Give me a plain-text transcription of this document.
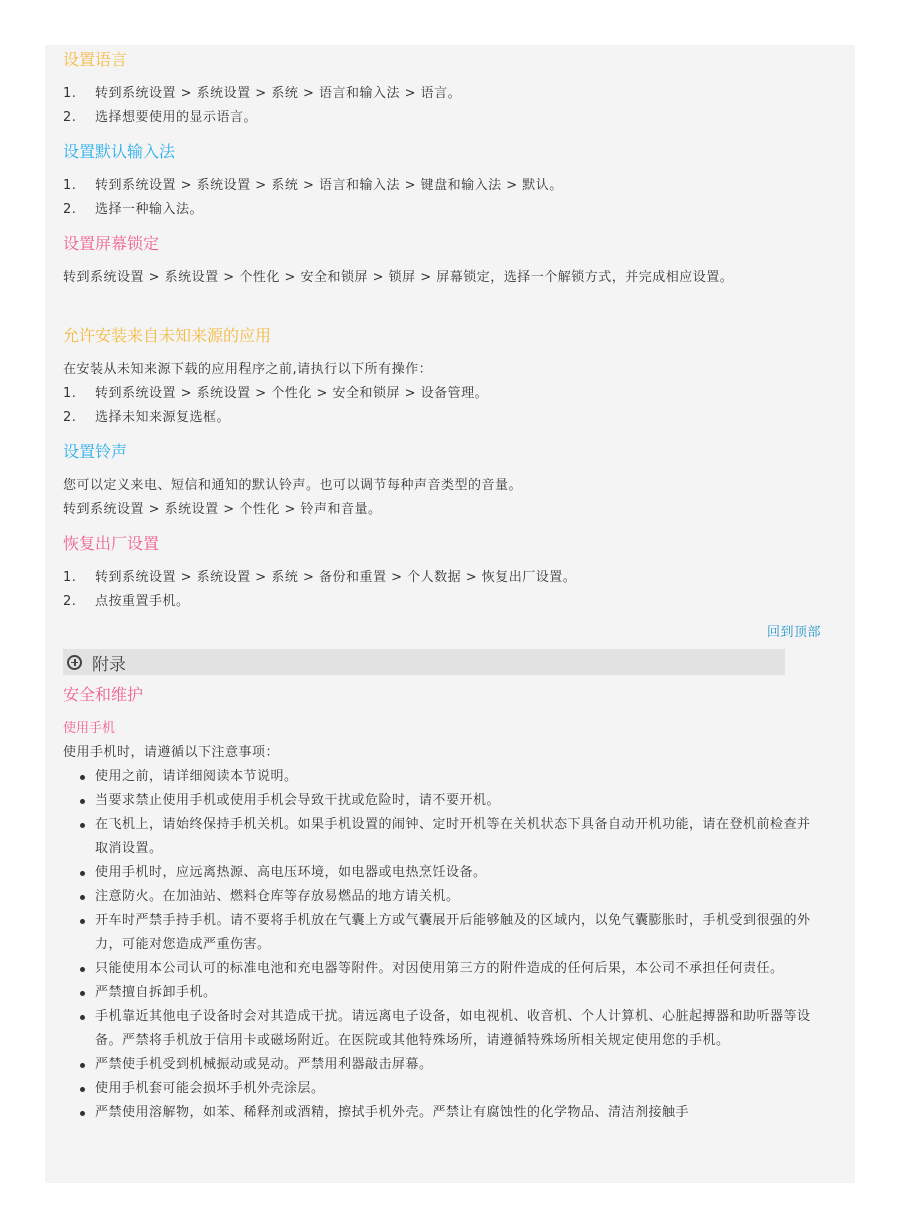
设置语言
1.	转到系统设置 > 系统设置 > 系统 > 语言和输入法 > 语言。
2.	选择想要使用的显示语言。
设置默认输入法
1.	转到系统设置 > 系统设置 > 系统 > 语言和输入法 > 键盘和输入法 > 默认。
2.	选择一种输入法。
设置屏幕锁定
转到系统设置 > 系统设置 > 个性化 > 安全和锁屏 > 锁屏 > 屏幕锁定，选择一个解锁方式，并完成相应设置。
允许安装来自未知来源的应用
在安装从未知来源下载的应用程序之前,请执行以下所有操作：
1.	转到系统设置 > 系统设置 > 个性化 > 安全和锁屏 > 设备管理。
2.	选择未知来源复选框。
设置铃声
您可以定义来电、短信和通知的默认铃声。也可以调节每种声音类型的音量。
转到系统设置 > 系统设置 > 个性化 > 铃声和音量。
恢复出厂设置
1.	转到系统设置 > 系统设置 > 系统 > 备份和重置 > 个人数据 > 恢复出厂设置。
2.	点按重置手机。
回到顶部
附录
安全和维护
使用手机
使用手机时，请遵循以下注意事项：
使用之前，请详细阅读本节说明。
当要求禁止使用手机或使用手机会导致干扰或危险时，请不要开机。
在飞机上，请始终保持手机关机。如果手机设置的闹钟、定时开机等在关机状态下具备自动开机功能，请在登机前检查并取消设置。
使用手机时，应远离热源、高电压环境，如电器或电热烹饪设备。
注意防火。在加油站、燃料仓库等存放易燃品的地方请关机。
开车时严禁手持手机。请不要将手机放在气囊上方或气囊展开后能够触及的区域内，以免气囊膨胀时，手机受到很强的外力，可能对您造成严重伤害。
只能使用本公司认可的标准电池和充电器等附件。对因使用第三方的附件造成的任何后果，本公司不承担任何责任。
严禁擅自拆卸手机。
手机靠近其他电子设备时会对其造成干扰。请远离电子设备，如电视机、收音机、个人计算机、心脏起搏器和助听器等设备。严禁将手机放于信用卡或磁场附近。在医院或其他特殊场所，请遵循特殊场所相关规定使用您的手机。
严禁使手机受到机械振动或晃动。严禁用利器敲击屏幕。
使用手机套可能会损坏手机外壳涂层。
严禁使用溶解物，如苯、稀释剂或酒精，擦拭手机外壳。严禁让有腐蚀性的化学物品、清洁剂接触手
